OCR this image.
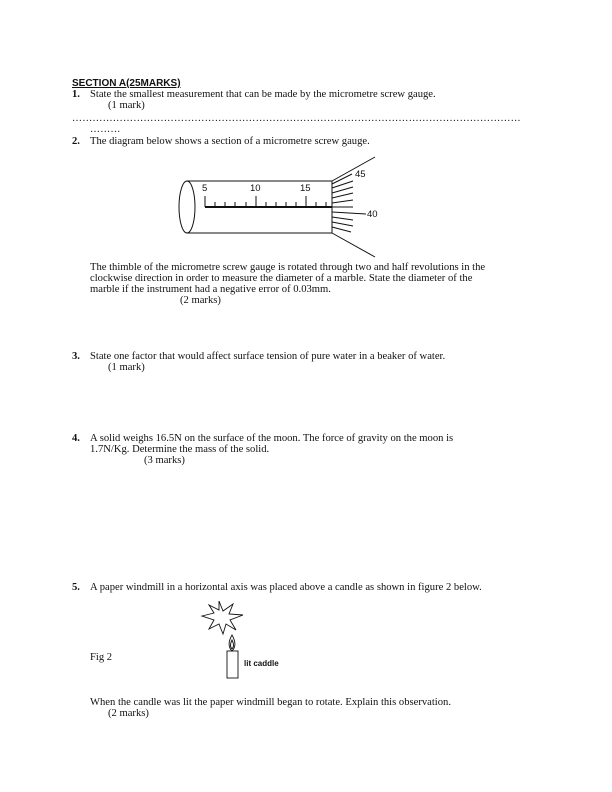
SECTION A(25MARKS)
1. State the smallest measurement that can be made by the micrometre screw gauge.
(1 mark)
……………………………………………………………………………………………………………………
………
2. The diagram below shows a section of a micrometre screw gauge.
5	10	15
45
40
The thimble of the micrometre screw gauge is rotated through two and half revolutions in the
clockwise direction in order to measure the diameter of a marble. State the diameter of the
marble if the instrument had a negative error of 0.03mm.
(2 marks)
3. State one factor that would affect surface tension of pure water in a beaker of water.
(1 mark)
4. A solid weighs 16.5N on the surface of the moon. The force of gravity on the moon is
1.7N/Kg. Determine the mass of the solid.
(3 marks)
5. A paper windmill in a horizontal axis was placed above a candle as shown in figure 2 below.
Fig 2
lit caddle
When the candle was lit the paper windmill began to rotate. Explain this observation.
(2 marks)
